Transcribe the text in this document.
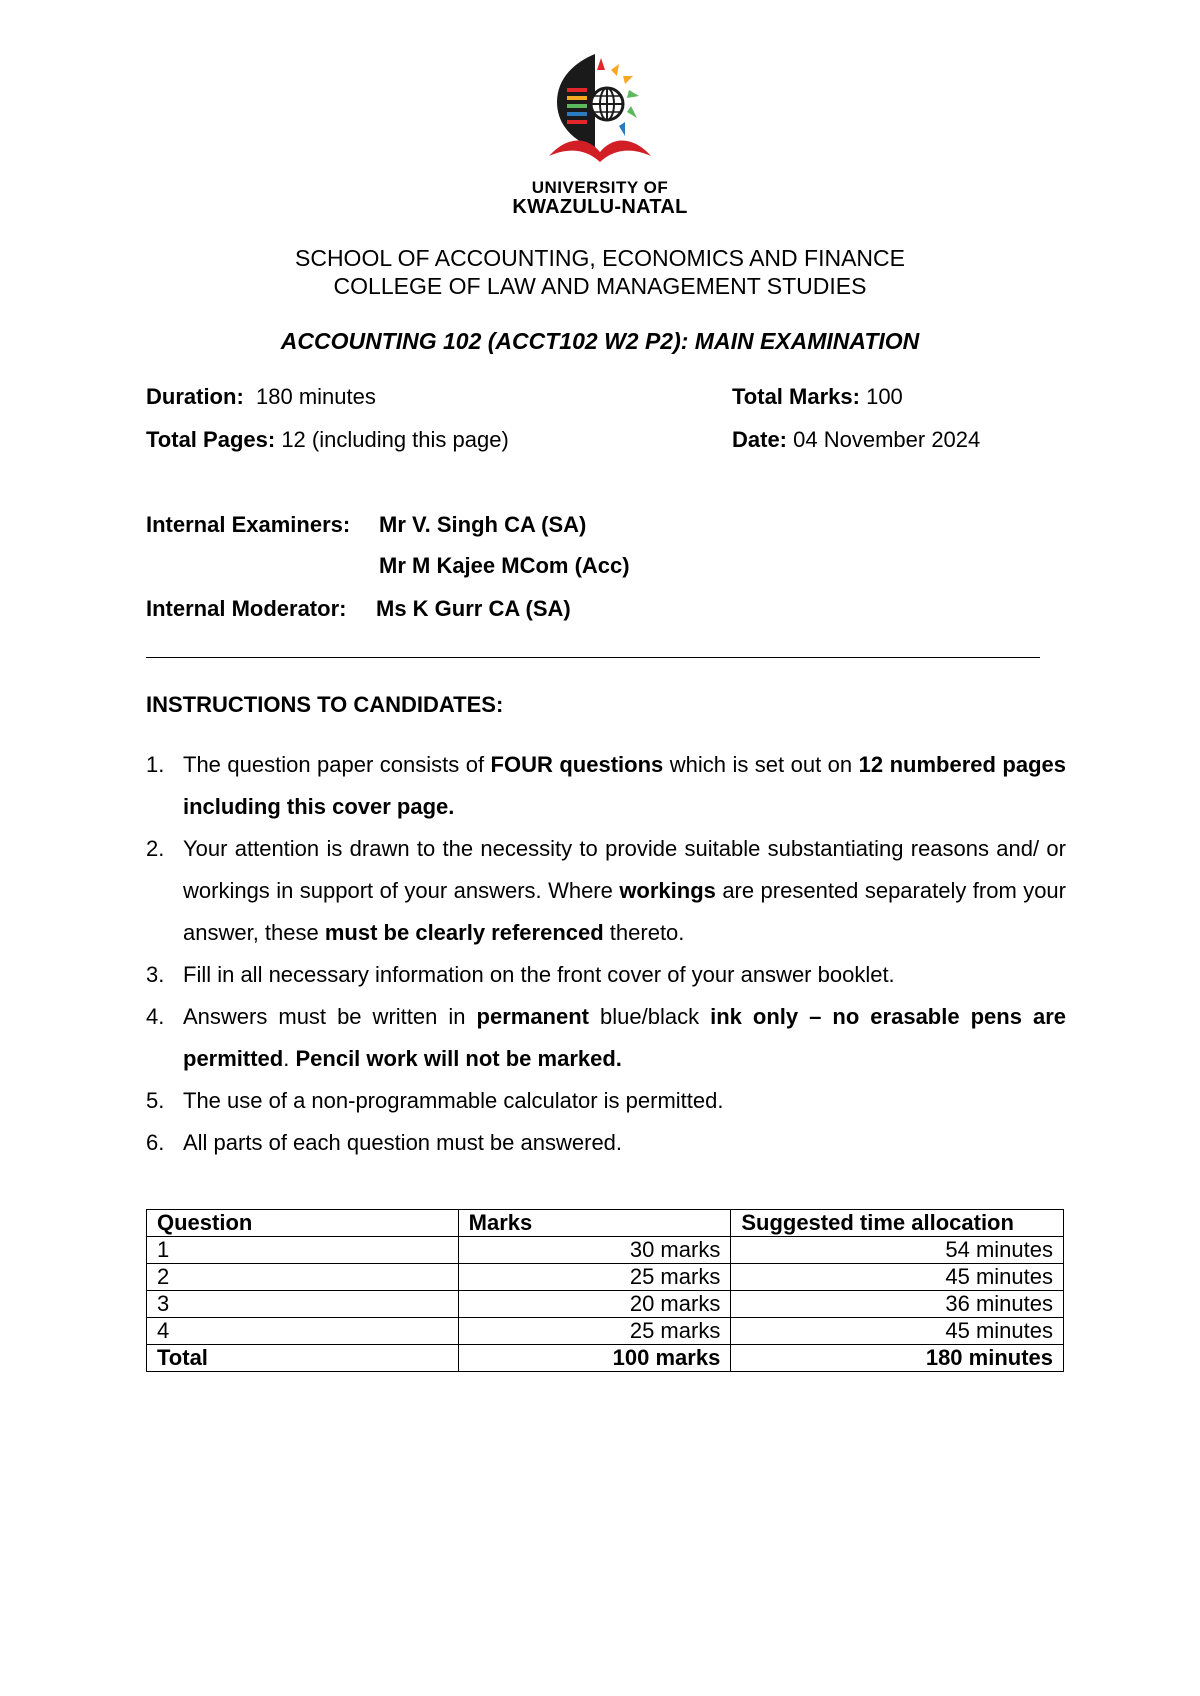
UNIVERSITY OF
KWAZULU-NATAL
SCHOOL OF ACCOUNTING, ECONOMICS AND FINANCE
COLLEGE OF LAW AND MANAGEMENT STUDIES
ACCOUNTING 102 (ACCT102 W2 P2): MAIN EXAMINATION
Duration: 180 minutes	Total Marks: 100
Total Pages: 12 (including this page)	Date: 04 November 2024
Internal Examiners: Mr V. Singh CA (SA)
Mr M Kajee MCom (Acc)
Internal Moderator: Ms K Gurr CA (SA)
INSTRUCTIONS TO CANDIDATES:
1. The question paper consists of FOUR questions which is set out on 12 numbered pages including this cover page.
2. Your attention is drawn to the necessity to provide suitable substantiating reasons and/ or workings in support of your answers. Where workings are presented separately from your answer, these must be clearly referenced thereto.
3. Fill in all necessary information on the front cover of your answer booklet.
4. Answers must be written in permanent blue/black ink only – no erasable pens are permitted. Pencil work will not be marked.
5. The use of a non-programmable calculator is permitted.
6. All parts of each question must be answered.
Question	Marks	Suggested time allocation
1	30 marks	54 minutes
2	25 marks	45 minutes
3	20 marks	36 minutes
4	25 marks	45 minutes
Total	100 marks	180 minutes
